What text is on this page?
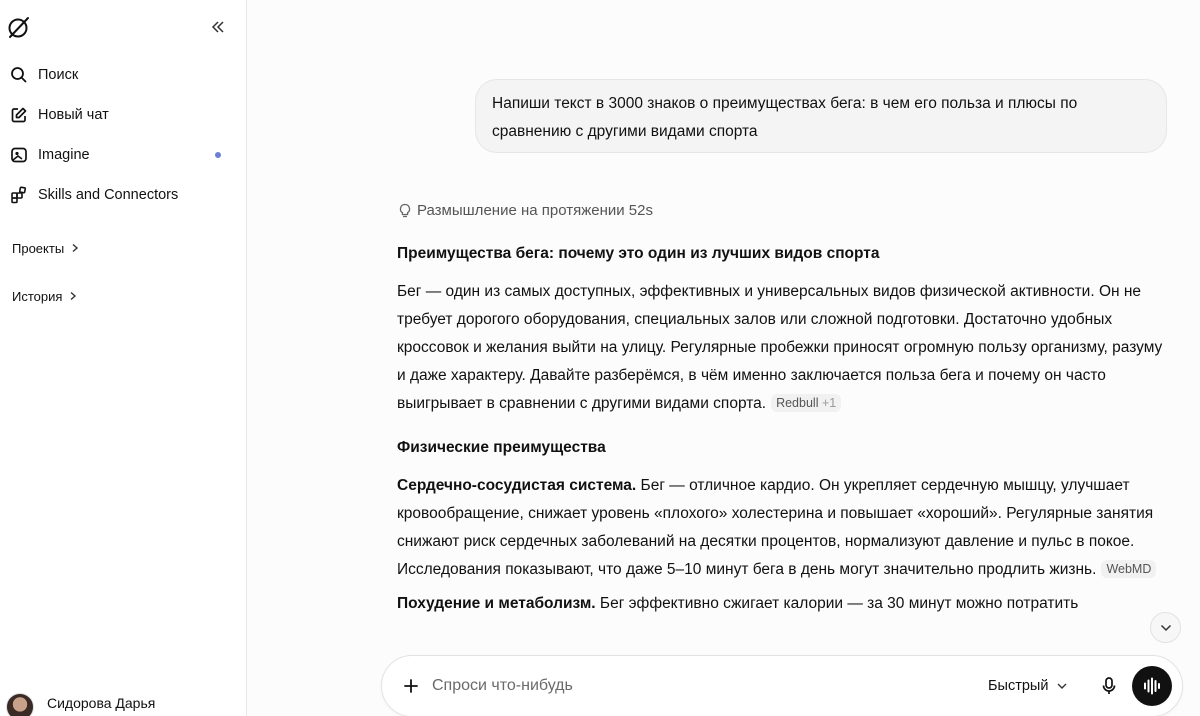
Поиск
Новый чат
Imagine
Skills and Connectors
Проекты
История
Сидорова Дарья
Напиши текст в 3000 знаков о преимуществах бега: в чем его польза и плюсы по сравнению с другими видами спорта
Размышление на протяжении 52s

Преимущества бега: почему это один из лучших видов спорта

Бег — один из самых доступных, эффективных и универсальных видов физической активности. Он не требует дорогого оборудования, специальных залов или сложной подготовки. Достаточно удобных кроссовок и желания выйти на улицу. Регулярные пробежки приносят огромную пользу организму, разуму и даже характеру. Давайте разберёмся, в чём именно заключается польза бега и почему он часто выигрывает в сравнении с другими видами спорта. Redbull +1

Физические преимущества

Сердечно-сосудистая система. Бег — отличное кардио. Он укрепляет сердечную мышцу, улучшает кровообращение, снижает уровень «плохого» холестерина и повышает «хороший». Регулярные занятия снижают риск сердечных заболеваний на десятки процентов, нормализуют давление и пульс в покое. Исследования показывают, что даже 5–10 минут бега в день могут значительно продлить жизнь. WebMD

Похудение и метаболизм. Бег эффективно сжигает калории — за 30 минут можно потратить

Спроси что-нибудь
Быстрый
